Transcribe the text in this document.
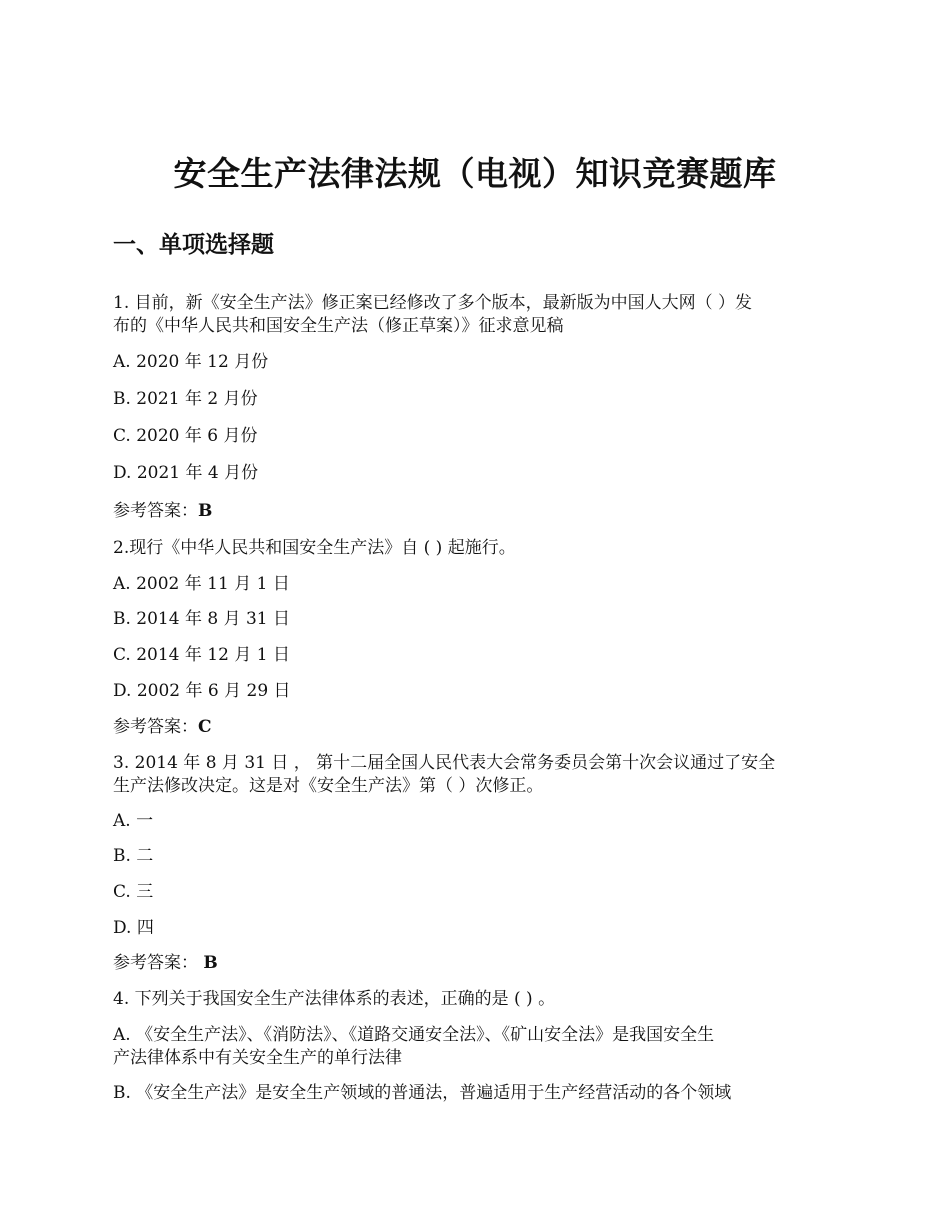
安全生产法律法规（电视）知识竞赛题库
一、单项选择题
1. 目前，新《安全生产法》修正案已经修改了多个版本，最新版为中国人大网（ ）发
布的《中华人民共和国安全生产法（修正草案）》征求意见稿
A. 2020 年 12 月份
B. 2021 年 2 月份
C. 2020 年 6 月份
D. 2021 年 4 月份
参考答案：B
2.现行《中华人民共和国安全生产法》自 ( ) 起施行。
A. 2002 年 11 月 1 日
B. 2014 年 8 月 31 日
C. 2014 年 12 月 1 日
D. 2002 年 6 月 29 日
参考答案：C
3. 2014 年 8 月 31 日 ， 第十二届全国人民代表大会常务委员会第十次会议通过了安全
生产法修改决定。这是对《安全生产法》第（ ）次修正。
A. 一
B. 二
C. 三
D. 四
参考答案： B
4. 下列关于我国安全生产法律体系的表述，正确的是 ( ) 。
A. 《安全生产法》、《消防法》、《道路交通安全法》、《矿山安全法》是我国安全生
产法律体系中有关安全生产的单行法律
B. 《安全生产法》是安全生产领域的普通法，普遍适用于生产经营活动的各个领域
